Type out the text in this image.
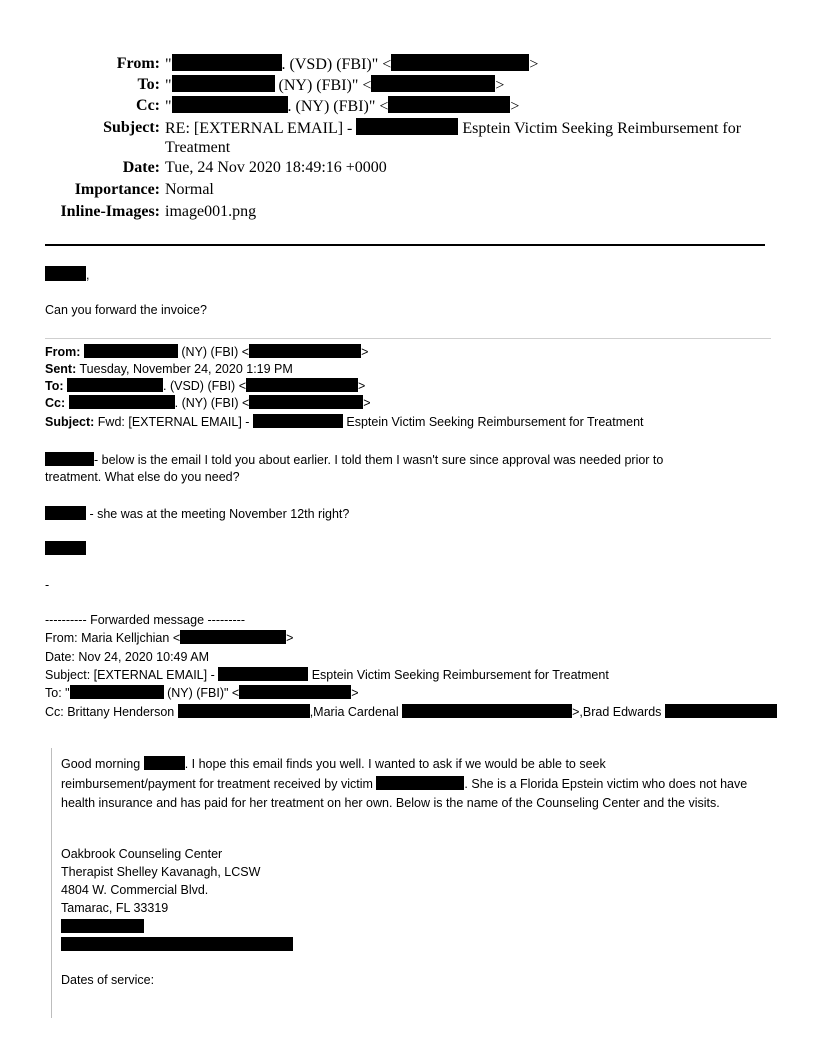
From: "	. (VSD) (FBI)" <	>
To: "	(NY) (FBI)" <	>
Cc: "	. (NY) (FBI)" <	>
Subject: RE: [EXTERNAL EMAIL] -	Esptein Victim Seeking Reimbursement for Treatment
Date: Tue, 24 Nov 2020 18:49:16 +0000
Importance: Normal
Inline-Images: image001.png
,
Can you forward the invoice?
From:	(NY) (FBI) <	>
Sent: Tuesday, November 24, 2020 1:19 PM
To:	. (VSD) (FBI) <	>
Cc:	. (NY) (FBI) <	>
Subject: Fwd: [EXTERNAL EMAIL] -	Esptein Victim Seeking Reimbursement for Treatment
- below is the email I told you about earlier. I told them I wasn't sure since approval was needed prior to
treatment. What else do you need?
- she was at the meeting November 12th right?
-
---------- Forwarded message ---------
From: Maria Kelljchian <	>
Date: Nov 24, 2020 10:49 AM
Subject: [EXTERNAL EMAIL] -	Esptein Victim Seeking Reimbursement for Treatment
To: "	(NY) (FBI)" <	>
Cc: Brittany Henderson	,Maria Cardenal	>,Brad Edwards
Good morning	. I hope this email finds you well. I wanted to ask if we would be able to seek
reimbursement/payment for treatment received by victim	. She is a Florida Epstein victim who does not have health insurance and has paid for her treatment on her own. Below is the name of the Counseling Center and the visits.
Oakbrook Counseling Center
Therapist Shelley Kavanagh, LCSW
4804 W. Commercial Blvd.
Tamarac, FL 33319
Dates of service:
